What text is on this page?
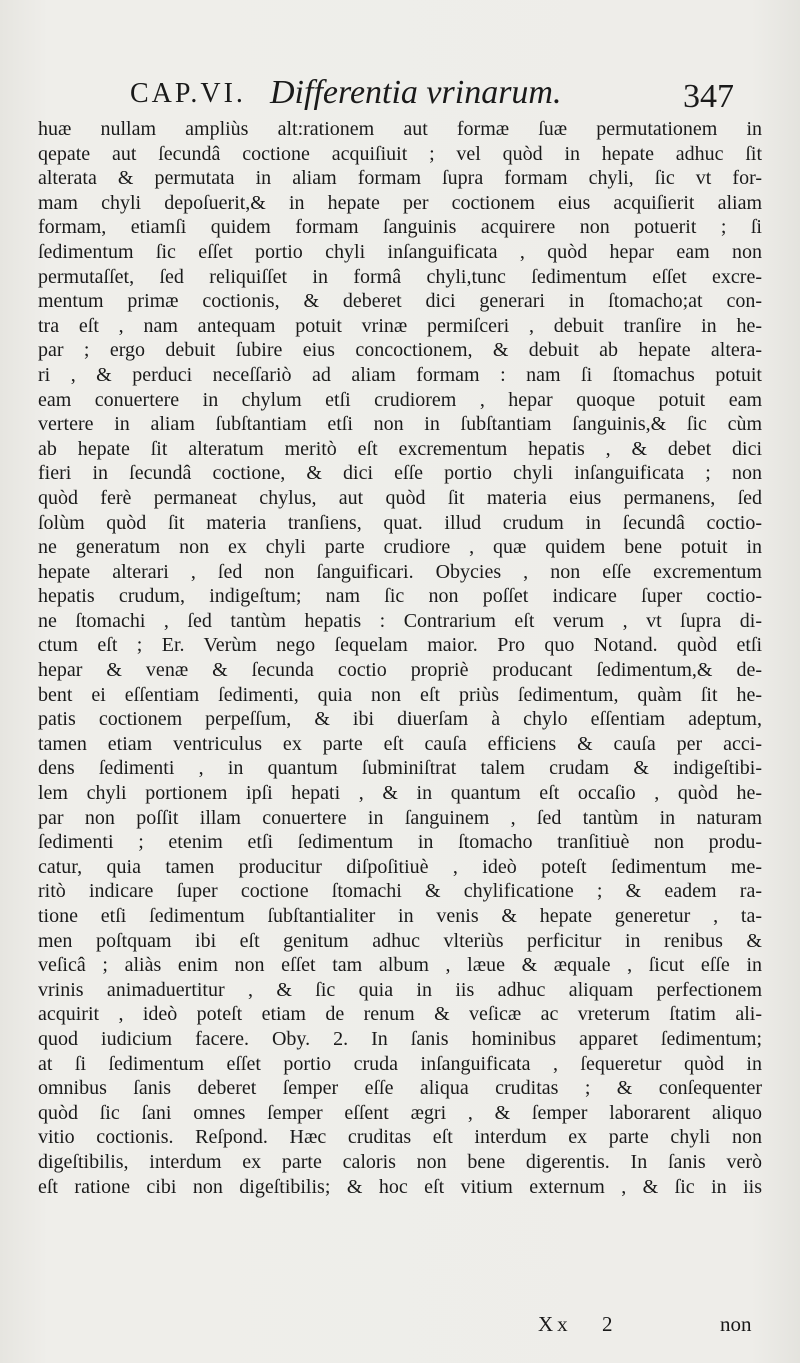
CAP.VI. Differentia vrinarum.	347
huæ nullam ampliùs alt:rationem aut formæ ſuæ permutationem in
qepate aut ſecundâ coctione acquiſiuit ; vel quòd in hepate adhuc ſit
alterata & permutata in aliam formam ſupra formam chyli, ſic vt for-
mam chyli depoſuerit,& in hepate per coctionem eius acquiſierit aliam
formam, etiamſi quidem formam ſanguinis acquirere non potuerit ; ſi
ſedimentum ſic eſſet portio chyli inſanguificata , quòd hepar eam non
permutaſſet, ſed reliquiſſet in formâ chyli,tunc ſedimentum eſſet excre-
mentum primæ coctionis, & deberet dici generari in ſtomacho;at con-
tra eſt , nam antequam potuit vrinæ permiſceri , debuit tranſire in he-
par ; ergo debuit ſubire eius concoctionem, & debuit ab hepate altera-
ri , & perduci neceſſariò ad aliam formam : nam ſi ſtomachus potuit
eam conuertere in chylum etſi crudiorem , hepar quoque potuit eam
vertere in aliam ſubſtantiam etſi non in ſubſtantiam ſanguinis,& ſic cùm
ab hepate ſit alteratum meritò eſt excrementum hepatis , & debet dici
fieri in ſecundâ coctione, & dici eſſe portio chyli inſanguificata ; non
quòd ferè permaneat chylus, aut quòd ſit materia eius permanens, ſed
ſolùm quòd ſit materia tranſiens, quat. illud crudum in ſecundâ coctio-
ne generatum non ex chyli parte crudiore , quæ quidem bene potuit in
hepate alterari , ſed non ſanguificari. Obycies , non eſſe excrementum
hepatis crudum, indigeſtum; nam ſic non poſſet indicare ſuper coctio-
ne ſtomachi , ſed tantùm hepatis : Contrarium eſt verum , vt ſupra di-
ctum eſt ; Er. Verùm nego ſequelam maior. Pro quo Notand. quòd etſi
hepar & venæ & ſecunda coctio propriè producant ſedimentum,& de-
bent ei eſſentiam ſedimenti, quia non eſt priùs ſedimentum, quàm ſit he-
patis coctionem perpeſſum, & ibi diuerſam à chylo eſſentiam adeptum,
tamen etiam ventriculus ex parte eſt cauſa efficiens & cauſa per acci-
dens ſedimenti , in quantum ſubminiſtrat talem crudam & indigeſtibi-
lem chyli portionem ipſi hepati , & in quantum eſt occaſio , quòd he-
par non poſſit illam conuertere in ſanguinem , ſed tantùm in naturam
ſedimenti ; etenim etſi ſedimentum in ſtomacho tranſitiuè non produ-
catur, quia tamen producitur diſpoſitiuè , ideò poteſt ſedimentum me-
ritò indicare ſuper coctione ſtomachi & chylificatione ; & eadem ra-
tione etſi ſedimentum ſubſtantialiter in venis & hepate generetur , ta-
men poſtquam ibi eſt genitum adhuc vlteriùs perficitur in renibus &
veſicâ ; aliàs enim non eſſet tam album , læue & æquale , ſicut eſſe in
vrinis animaduertitur , & ſic quia in iis adhuc aliquam perfectionem
acquirit , ideò poteſt etiam de renum & veſicæ ac vreterum ſtatim ali-
quod iudicium facere. Oby. 2. In ſanis hominibus apparet ſedimentum;
at ſi ſedimentum eſſet portio cruda inſanguificata , ſequeretur quòd in
omnibus ſanis deberet ſemper eſſe aliqua cruditas ; & conſequenter
quòd ſic ſani omnes ſemper eſſent ægri , & ſemper laborarent aliquo
vitio coctionis. Reſpond. Hæc cruditas eſt interdum ex parte chyli non
digeſtibilis, interdum ex parte caloris non bene digerentis. In ſanis verò
eſt ratione cibi non digeſtibilis; & hoc eſt vitium externum , & ſic in iis
Xx 2	non
